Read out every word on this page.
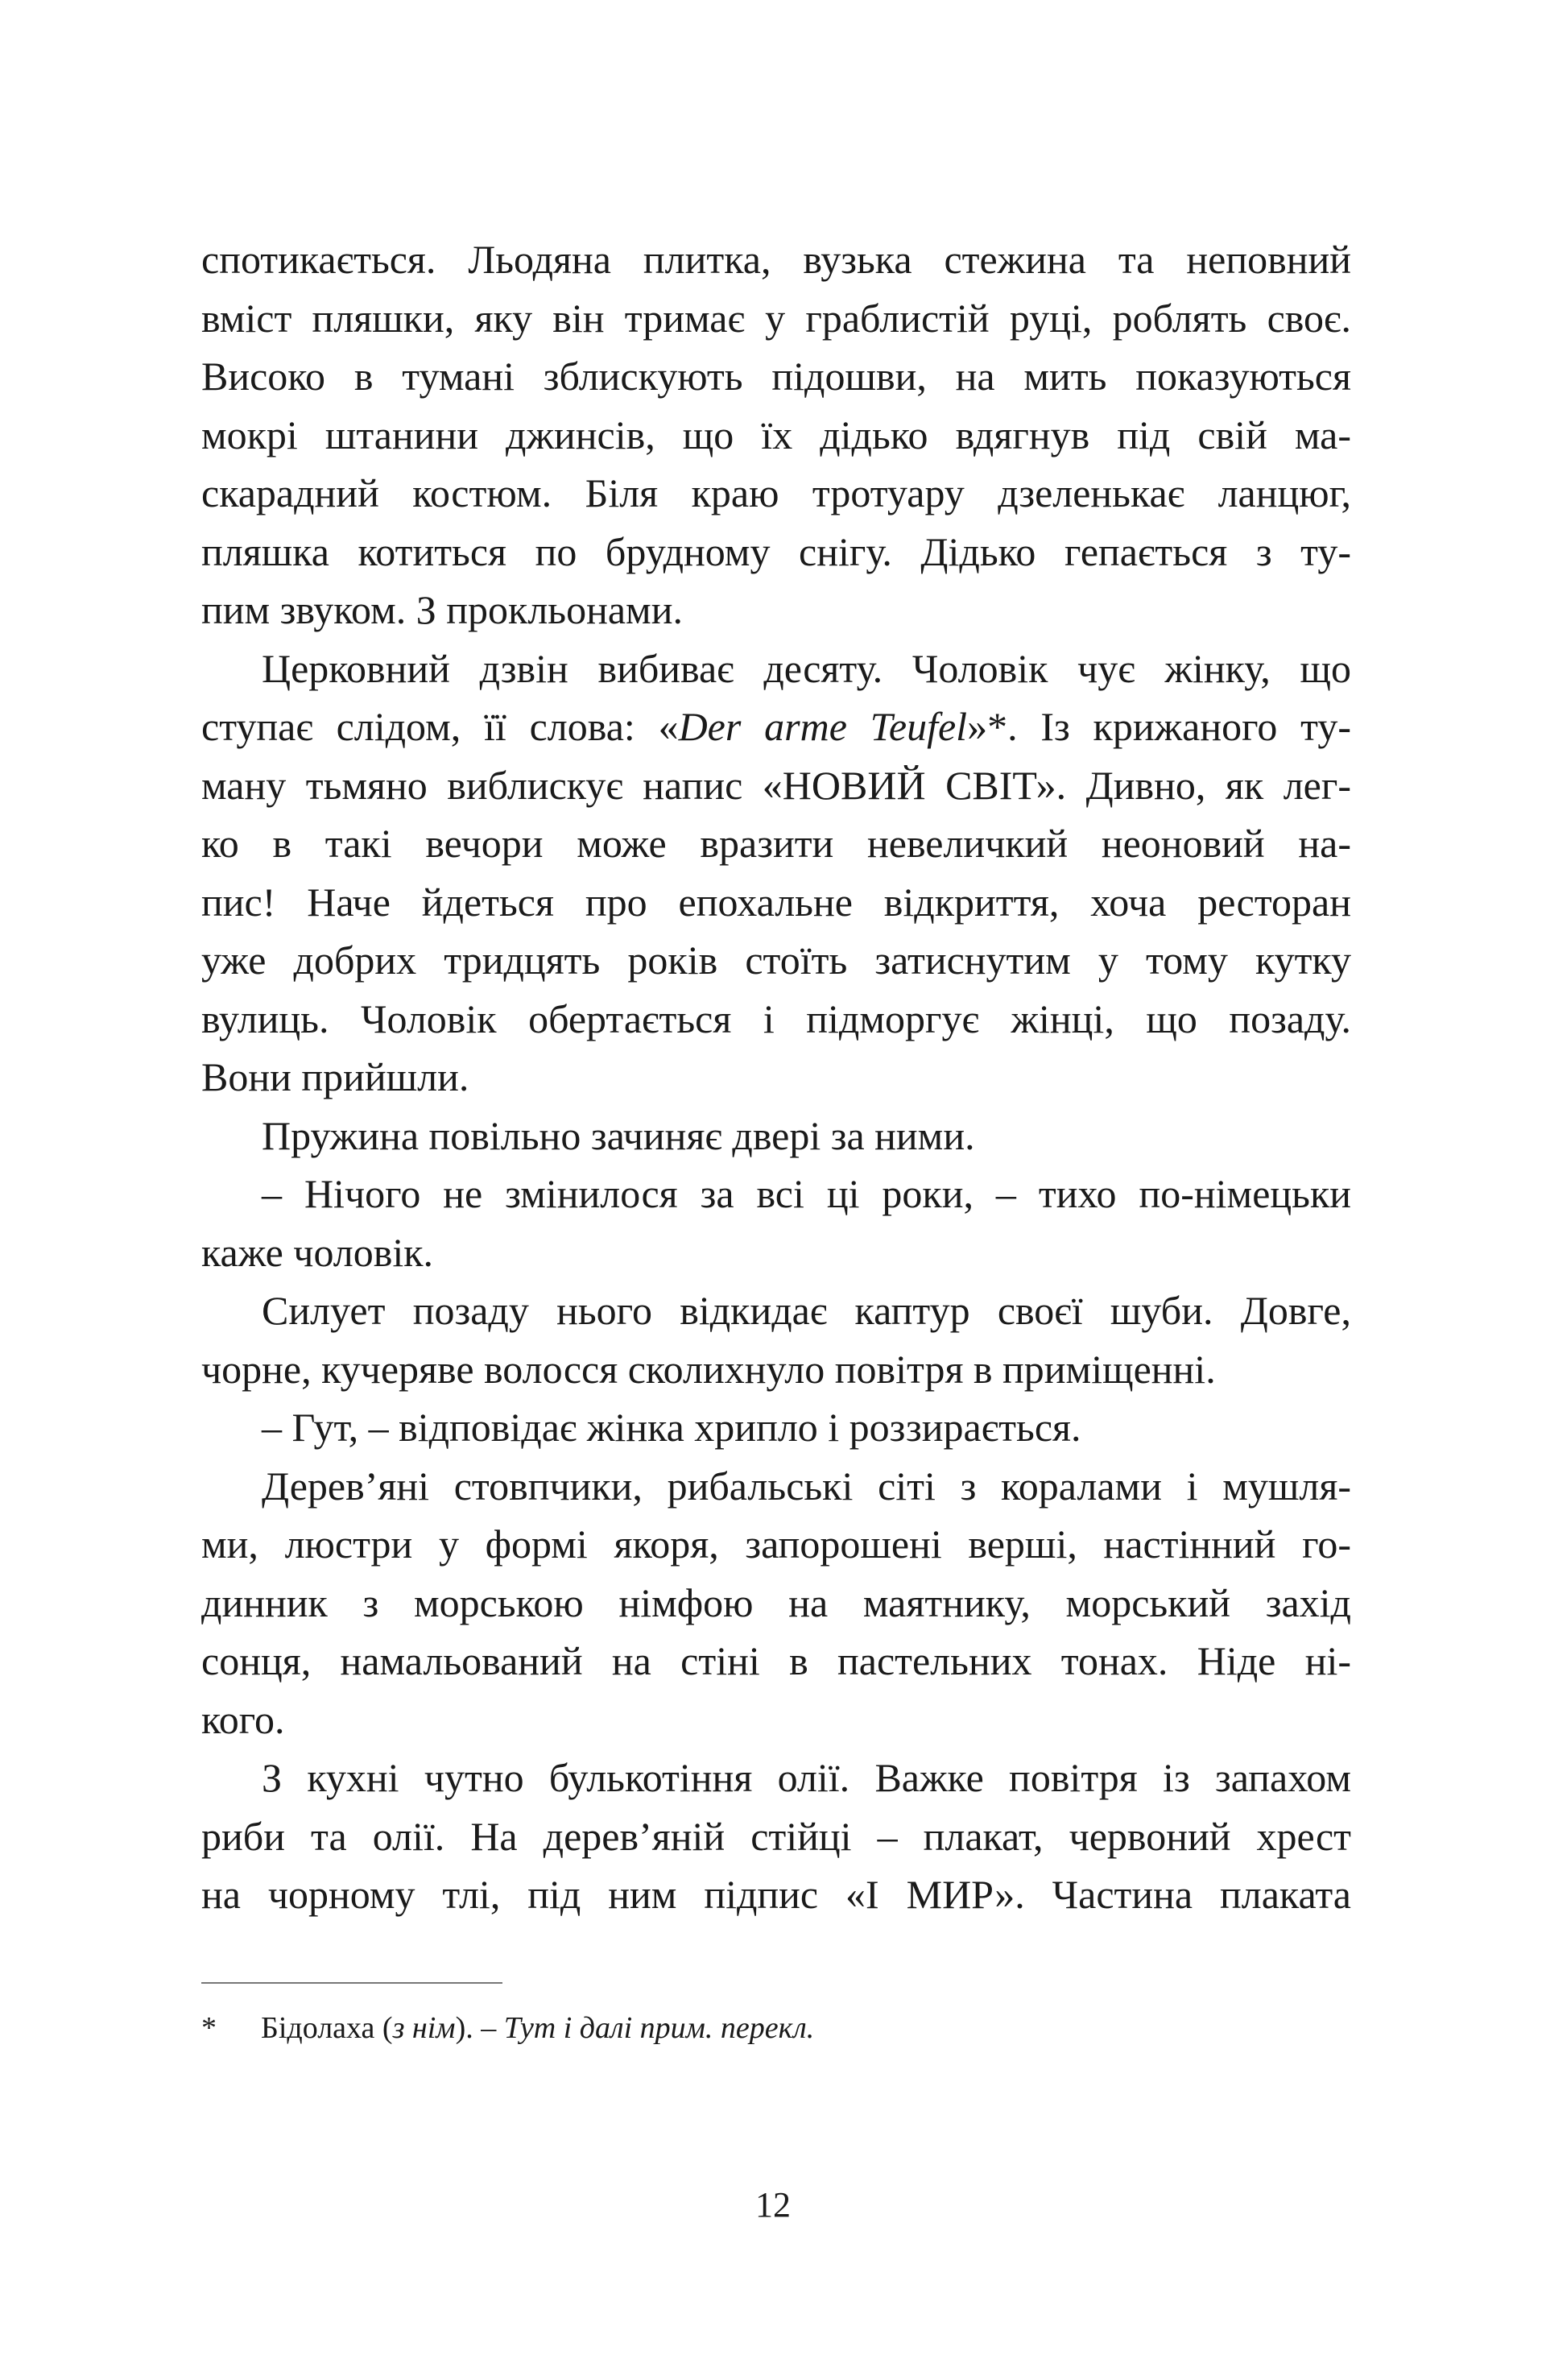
спотикається. Льодяна плитка, вузька стежина та неповний
вміст пляшки, яку він тримає у граблистій руці, роблять своє.
Високо в тумані зблискують підошви, на мить показуються
мокрі штанини джинсів, що їх дідько вдягнув під свій ма-
скарадний костюм. Біля краю тротуару дзеленькає ланцюг,
пляшка котиться по брудному снігу. Дідько гепається з ту-
пим звуком. З прокльонами.
Церковний дзвін вибиває десяту. Чоловік чує жінку, що
ступає слідом, її слова: «Der arme Teufel»*. Із крижаного ту-
ману тьмяно виблискує напис «НОВИЙ СВІТ». Дивно, як лег-
ко в такі вечори може вразити невеличкий неоновий на-
пис! Наче йдеться про епохальне відкриття, хоча ресторан
уже добрих тридцять років стоїть затиснутим у тому кутку
вулиць. Чоловік обертається і підморгує жінці, що позаду.
Вони прийшли.
Пружина повільно зачиняє двері за ними.
– Нічого не змінилося за всі ці роки, – тихо по-німецьки
каже чоловік.
Силует позаду нього відкидає каптур своєї шуби. Довге,
чорне, кучеряве волосся сколихнуло повітря в приміщенні.
– Гут, – відповідає жінка хрипло і роззирається.
Дерев’яні стовпчики, рибальські сіті з коралами і мушля-
ми, люстри у формі якоря, запорошені верші, настінний го-
динник з морською німфою на маятнику, морський захід
сонця, намальований на стіні в пастельних тонах. Ніде ні-
кого.
З кухні чутно булькотіння олії. Важке повітря із запахом
риби та олії. На дерев’яній стійці – плакат, червоний хрест
на чорному тлі, під ним підпис «І МИР». Частина плаката
* Бідолаха (з нім). – Тут і далі прим. перекл.
12
